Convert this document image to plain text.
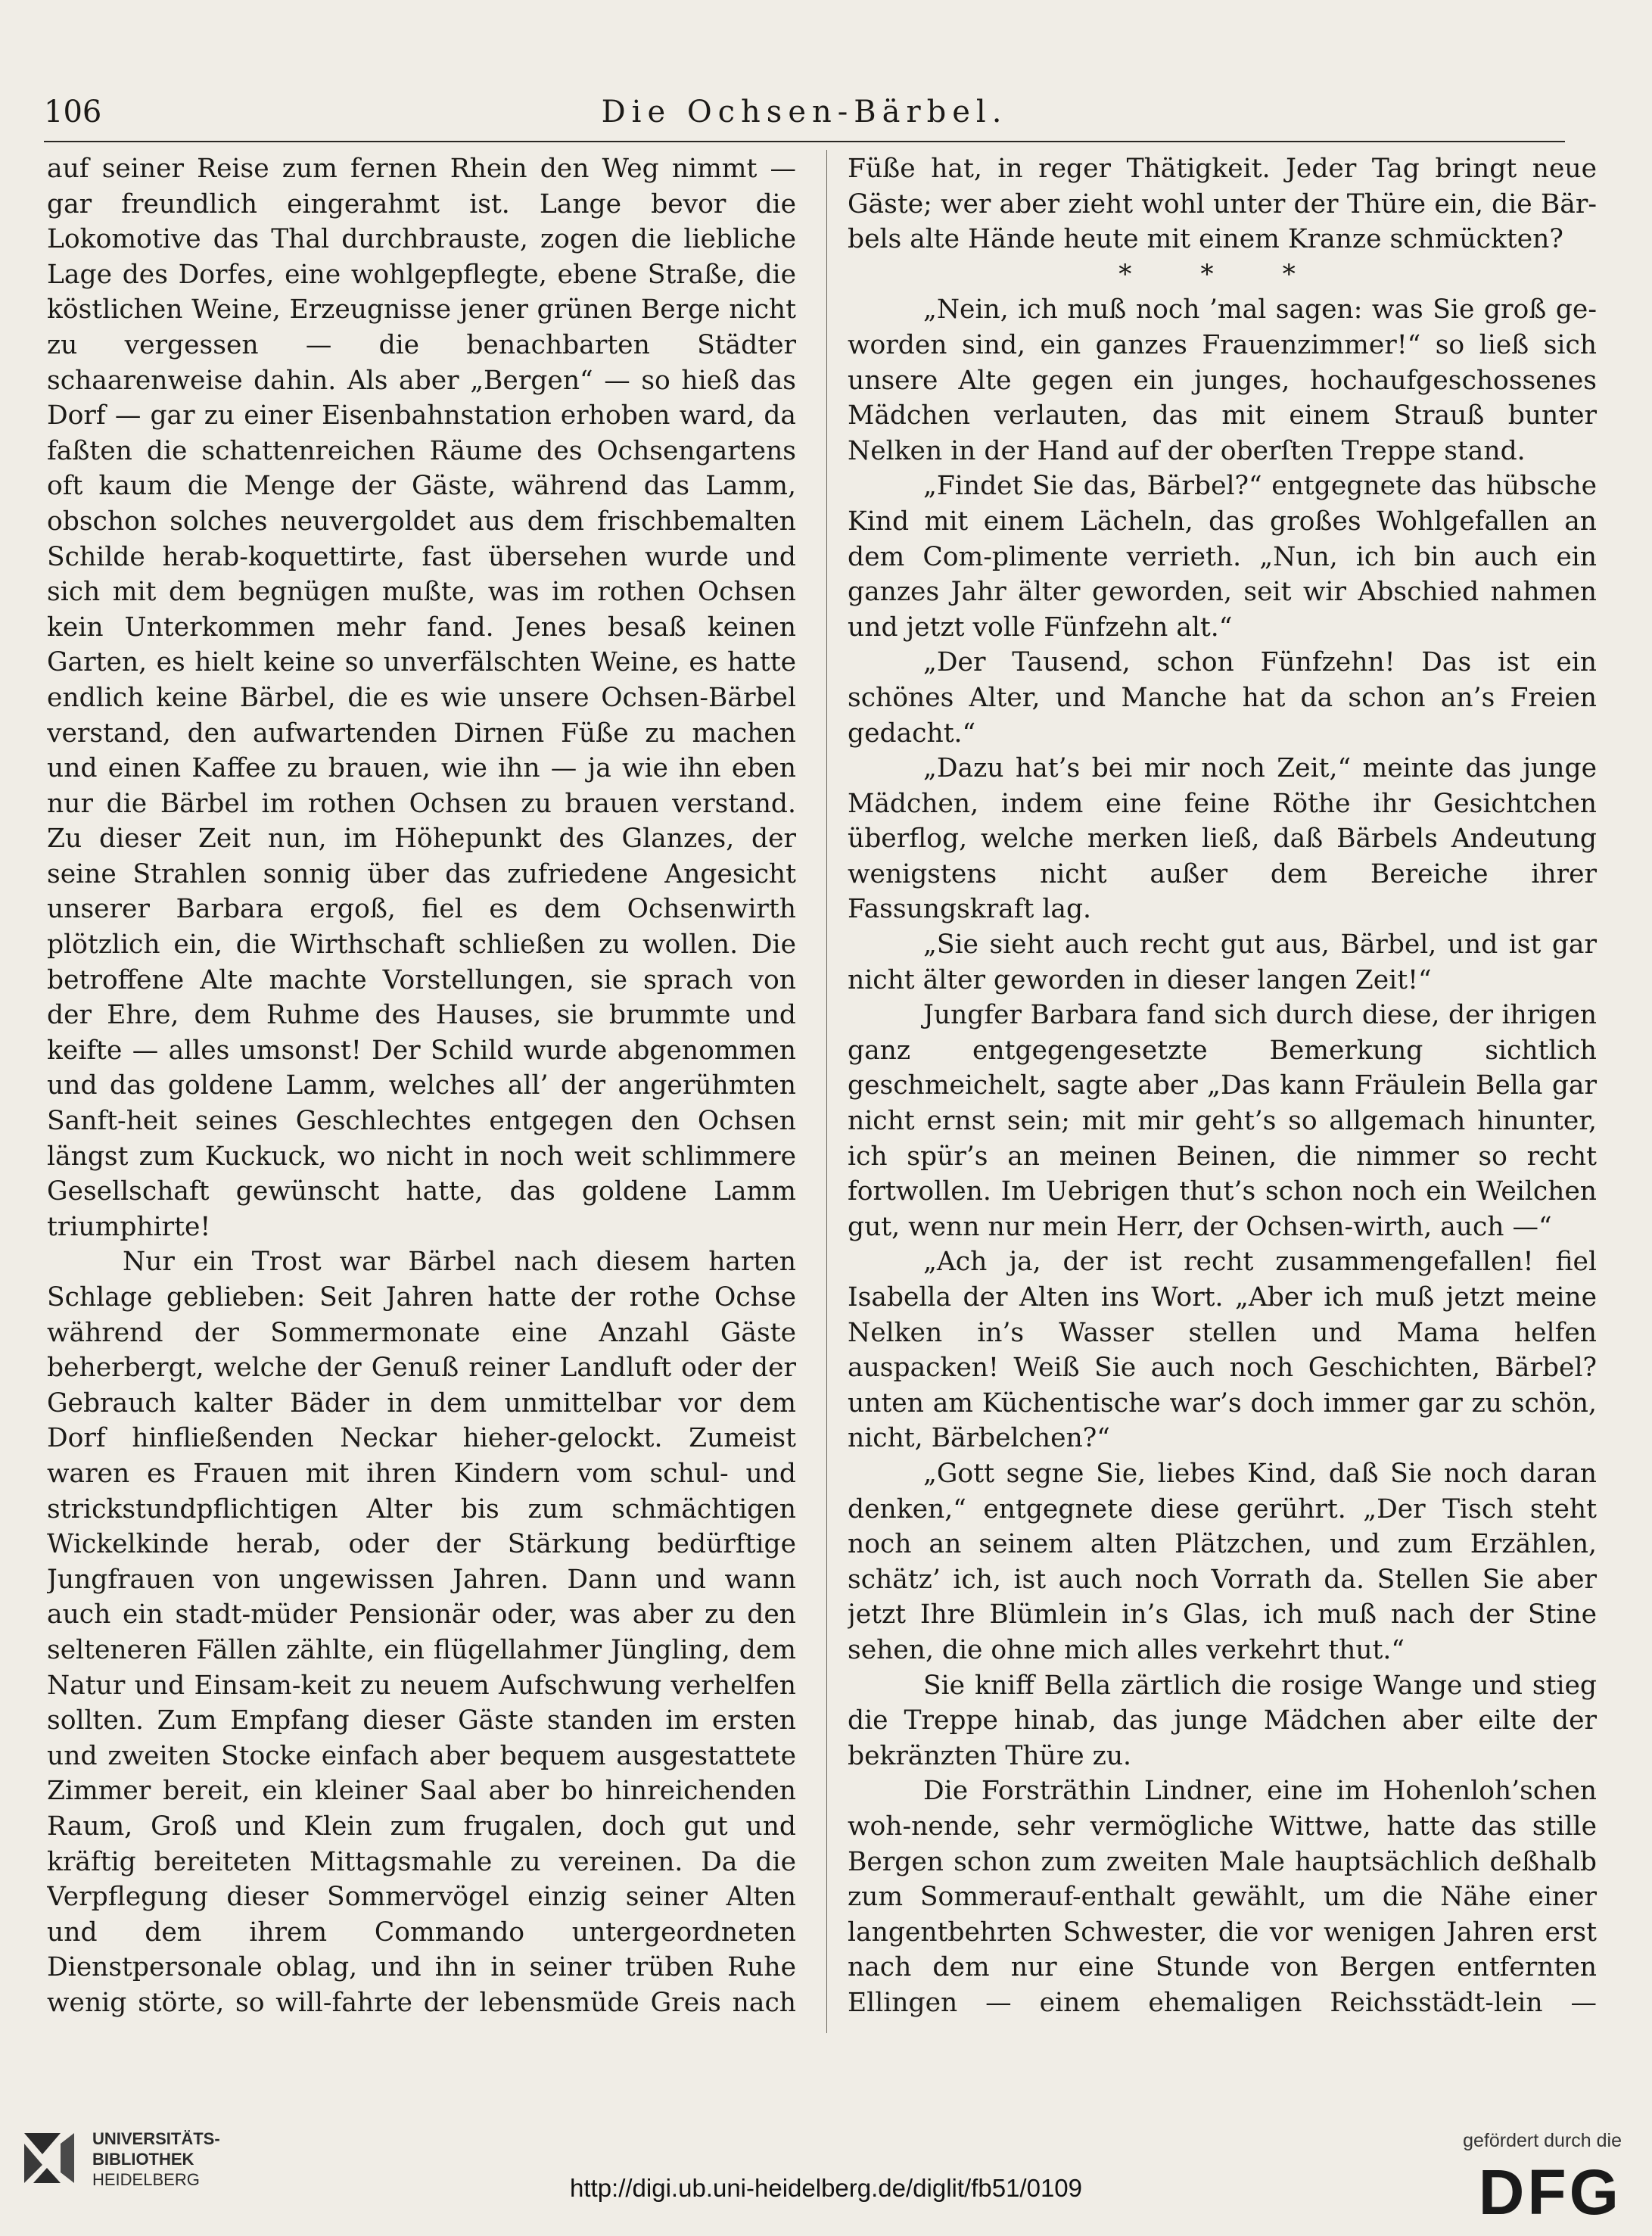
106	Die Ochsen-Bärbel.

auf seiner Reise zum fernen Rhein den Weg nimmt — gar freundlich eingerahmt ist. Lange bevor die Lokomotive das Thal durchbrauste, zogen die liebliche Lage des Dorfes, eine wohlgepflegte, ebene Straße, die köstlichen Weine, Erzeugnisse jener grünen Berge nicht zu vergessen — die benachbarten Städter schaarenweise dahin. Als aber „Bergen“ — so hieß das Dorf — gar zu einer Eisenbahnstation erhoben ward, da faßten die schattenreichen Räume des Ochsengartens oft kaum die Menge der Gäste, während das Lamm, obschon solches neuvergoldet aus dem frischbemalten Schilde herab-koquettirte, fast übersehen wurde und sich mit dem begnügen mußte, was im rothen Ochsen kein Unterkommen mehr fand. Jenes besaß keinen Garten, es hielt keine so unverfälschten Weine, es hatte endlich keine Bärbel, die es wie unsere Ochsen-Bärbel verstand, den aufwartenden Dirnen Füße zu machen und einen Kaffee zu brauen, wie ihn — ja wie ihn eben nur die Bärbel im rothen Ochsen zu brauen verstand. Zu dieser Zeit nun, im Höhepunkt des Glanzes, der seine Strahlen sonnig über das zufriedene Angesicht unserer Barbara ergoß, fiel es dem Ochsenwirth plötzlich ein, die Wirthschaft schließen zu wollen. Die betroffene Alte machte Vorstellungen, sie sprach von der Ehre, dem Ruhme des Hauses, sie brummte und keifte — alles umsonst! Der Schild wurde abgenommen und das goldene Lamm, welches all’ der angerühmten Sanft-heit seines Geschlechtes entgegen den Ochsen längst zum Kuckuck, wo nicht in noch weit schlimmere Gesellschaft gewünscht hatte, das goldene Lamm triumphirte!

Nur ein Trost war Bärbel nach diesem harten Schlage geblieben: Seit Jahren hatte der rothe Ochse während der Sommermonate eine Anzahl Gäste beherbergt, welche der Genuß reiner Landluft oder der Gebrauch kalter Bäder in dem unmittelbar vor dem Dorf hinfließenden Neckar hieher-gelockt. Zumeist waren es Frauen mit ihren Kindern vom schul- und strickstundpflichtigen Alter bis zum schmächtigen Wickelkinde herab, oder der Stärkung bedürftige Jungfrauen von ungewissen Jahren. Dann und wann auch ein stadt-müder Pensionär oder, was aber zu den selteneren Fällen zählte, ein flügellahmer Jüngling, dem Natur und Einsam-keit zu neuem Aufschwung verhelfen sollten. Zum Empfang dieser Gäste standen im ersten und zweiten Stocke einfach aber bequem ausgestattete Zimmer bereit, ein kleiner Saal aber bo hinreichenden Raum, Groß und Klein zum frugalen, doch gut und kräftig bereiteten Mittagsmahle zu vereinen. Da die Verpflegung dieser Sommervögel einzig seiner Alten und dem ihrem Commando untergeordneten Dienstpersonale oblag, und ihn in seiner trüben Ruhe wenig störte, so will-fahrte der lebensmüde Greis nach

Füße hat, in reger Thätigkeit. Jeder Tag bringt neue Gäste; wer aber zieht wohl unter der Thüre ein, die Bär-bels alte Hände heute mit einem Kranze schmückten?

* * *

„Nein, ich muß noch ’mal sagen: was Sie groß ge-worden sind, ein ganzes Frauenzimmer!“ so ließ sich unsere Alte gegen ein junges, hochaufgeschossenes Mädchen verlauten, das mit einem Strauß bunter Nelken in der Hand auf der oberſten Treppe stand.

„Findet Sie das, Bärbel?“ entgegnete das hübsche Kind mit einem Lächeln, das großes Wohlgefallen an dem Com-plimente verrieth. „Nun, ich bin auch ein ganzes Jahr älter geworden, seit wir Abschied nahmen und jetzt volle Fünfzehn alt.“

„Der Tausend, schon Fünfzehn! Das ist ein schönes Alter, und Manche hat da schon an’s Freien gedacht.“

„Dazu hat’s bei mir noch Zeit,“ meinte das junge Mädchen, indem eine feine Röthe ihr Gesichtchen überflog, welche merken ließ, daß Bärbels Andeutung wenigstens nicht außer dem Bereiche ihrer Fassungskraft lag.

„Sie sieht auch recht gut aus, Bärbel, und ist gar nicht älter geworden in dieser langen Zeit!“

Jungfer Barbara fand sich durch diese, der ihrigen ganz entgegengesetzte Bemerkung sichtlich geschmeichelt, sagte aber „Das kann Fräulein Bella gar nicht ernst sein; mit mir geht’s so allgemach hinunter, ich spür’s an meinen Beinen, die nimmer so recht fortwollen. Im Uebrigen thut’s schon noch ein Weilchen gut, wenn nur mein Herr, der Ochsen-wirth, auch —“

„Ach ja, der ist recht zusammengefallen! fiel Isabella der Alten ins Wort. „Aber ich muß jetzt meine Nelken in’s Wasser stellen und Mama helfen auspacken! Weiß Sie auch noch Geschichten, Bärbel? unten am Küchentische war’s doch immer gar zu schön, nicht, Bärbelchen?“

„Gott segne Sie, liebes Kind, daß Sie noch daran denken,“ entgegnete diese gerührt. „Der Tisch steht noch an seinem alten Plätzchen, und zum Erzählen, schätz’ ich, ist auch noch Vorrath da. Stellen Sie aber jetzt Ihre Blümlein in’s Glas, ich muß nach der Stine sehen, die ohne mich alles verkehrt thut.“

Sie kniff Bella zärtlich die rosige Wange und stieg die Treppe hinab, das junge Mädchen aber eilte der bekränzten Thüre zu.

Die Forsträthin Lindner, eine im Hohenloh’schen woh-nende, sehr vermögliche Wittwe, hatte das stille Bergen schon zum zweiten Male hauptsächlich deßhalb zum Sommerauf-enthalt gewählt, um die Nähe einer langentbehrten Schwester, die vor wenigen Jahren erst nach dem nur eine Stunde von Bergen entfernten Ellingen — einem ehemaligen Reichsstädt-lein —

UNIVERSITÄTS-
BIBLIOTHEK
HEIDELBERG	http://digi.ub.uni-heidelberg.de/diglit/fb51/0109
gefördert durch die
DFG
